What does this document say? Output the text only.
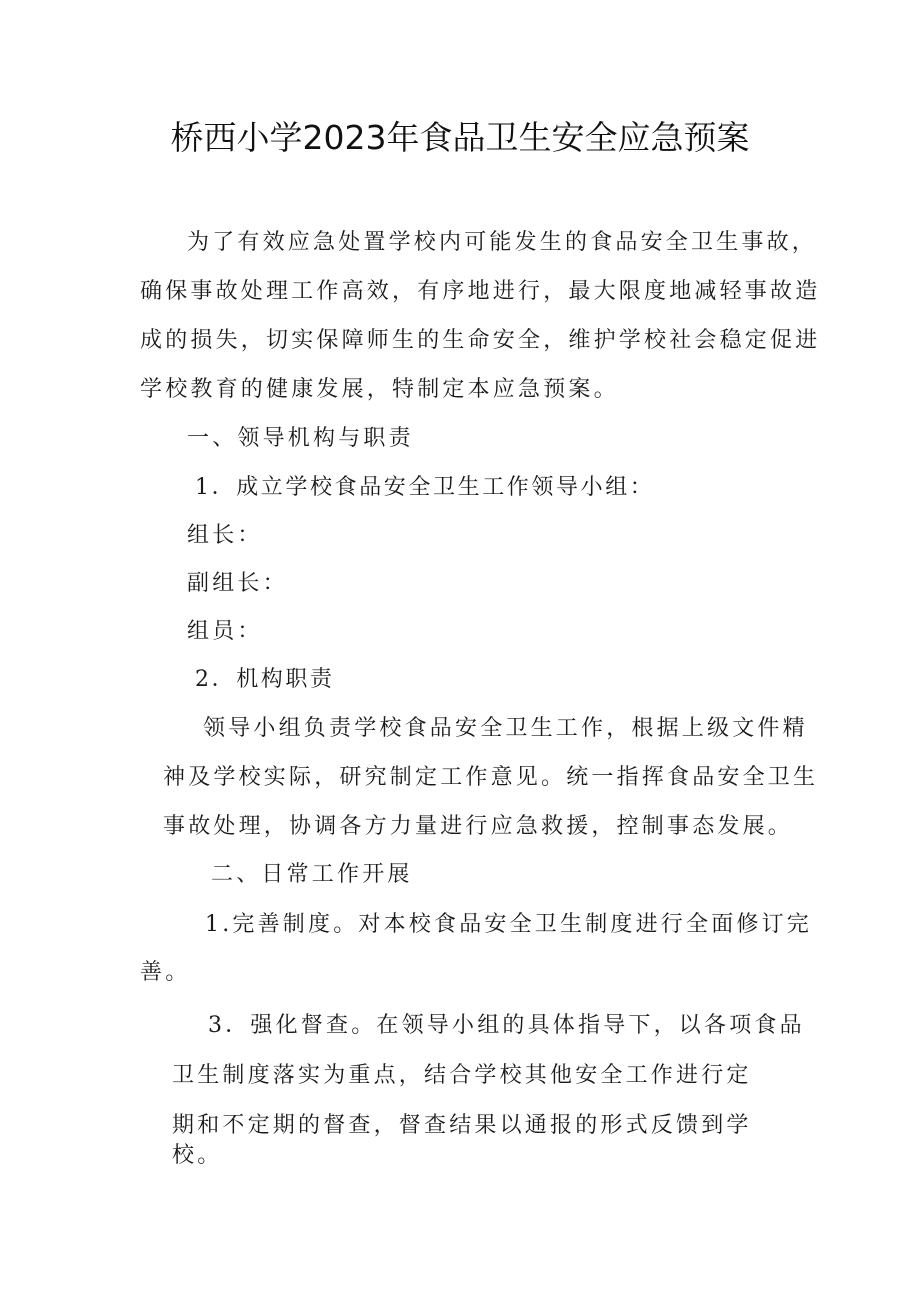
桥西小学2023年食品卫生安全应急预案
为了有效应急处置学校内可能发生的食品安全卫生事故，
确保事故处理工作高效，有序地进行，最大限度地减轻事故造
成的损失，切实保障师生的生命安全，维护学校社会稳定促进
学校教育的健康发展，特制定本应急预案。
一、领导机构与职责
1．成立学校食品安全卫生工作领导小组：
组长：
副组长：
组员：
2．机构职责
领导小组负责学校食品安全卫生工作，根据上级文件精
神及学校实际，研究制定工作意见。统一指挥食品安全卫生
事故处理，协调各方力量进行应急救援，控制事态发展。
二、日常工作开展
1.完善制度。对本校食品安全卫生制度进行全面修订完
善。
3．强化督查。在领导小组的具体指导下，以各项食品
卫生制度落实为重点，结合学校其他安全工作进行定
期和不定期的督查，督查结果以通报的形式反馈到学
校。
